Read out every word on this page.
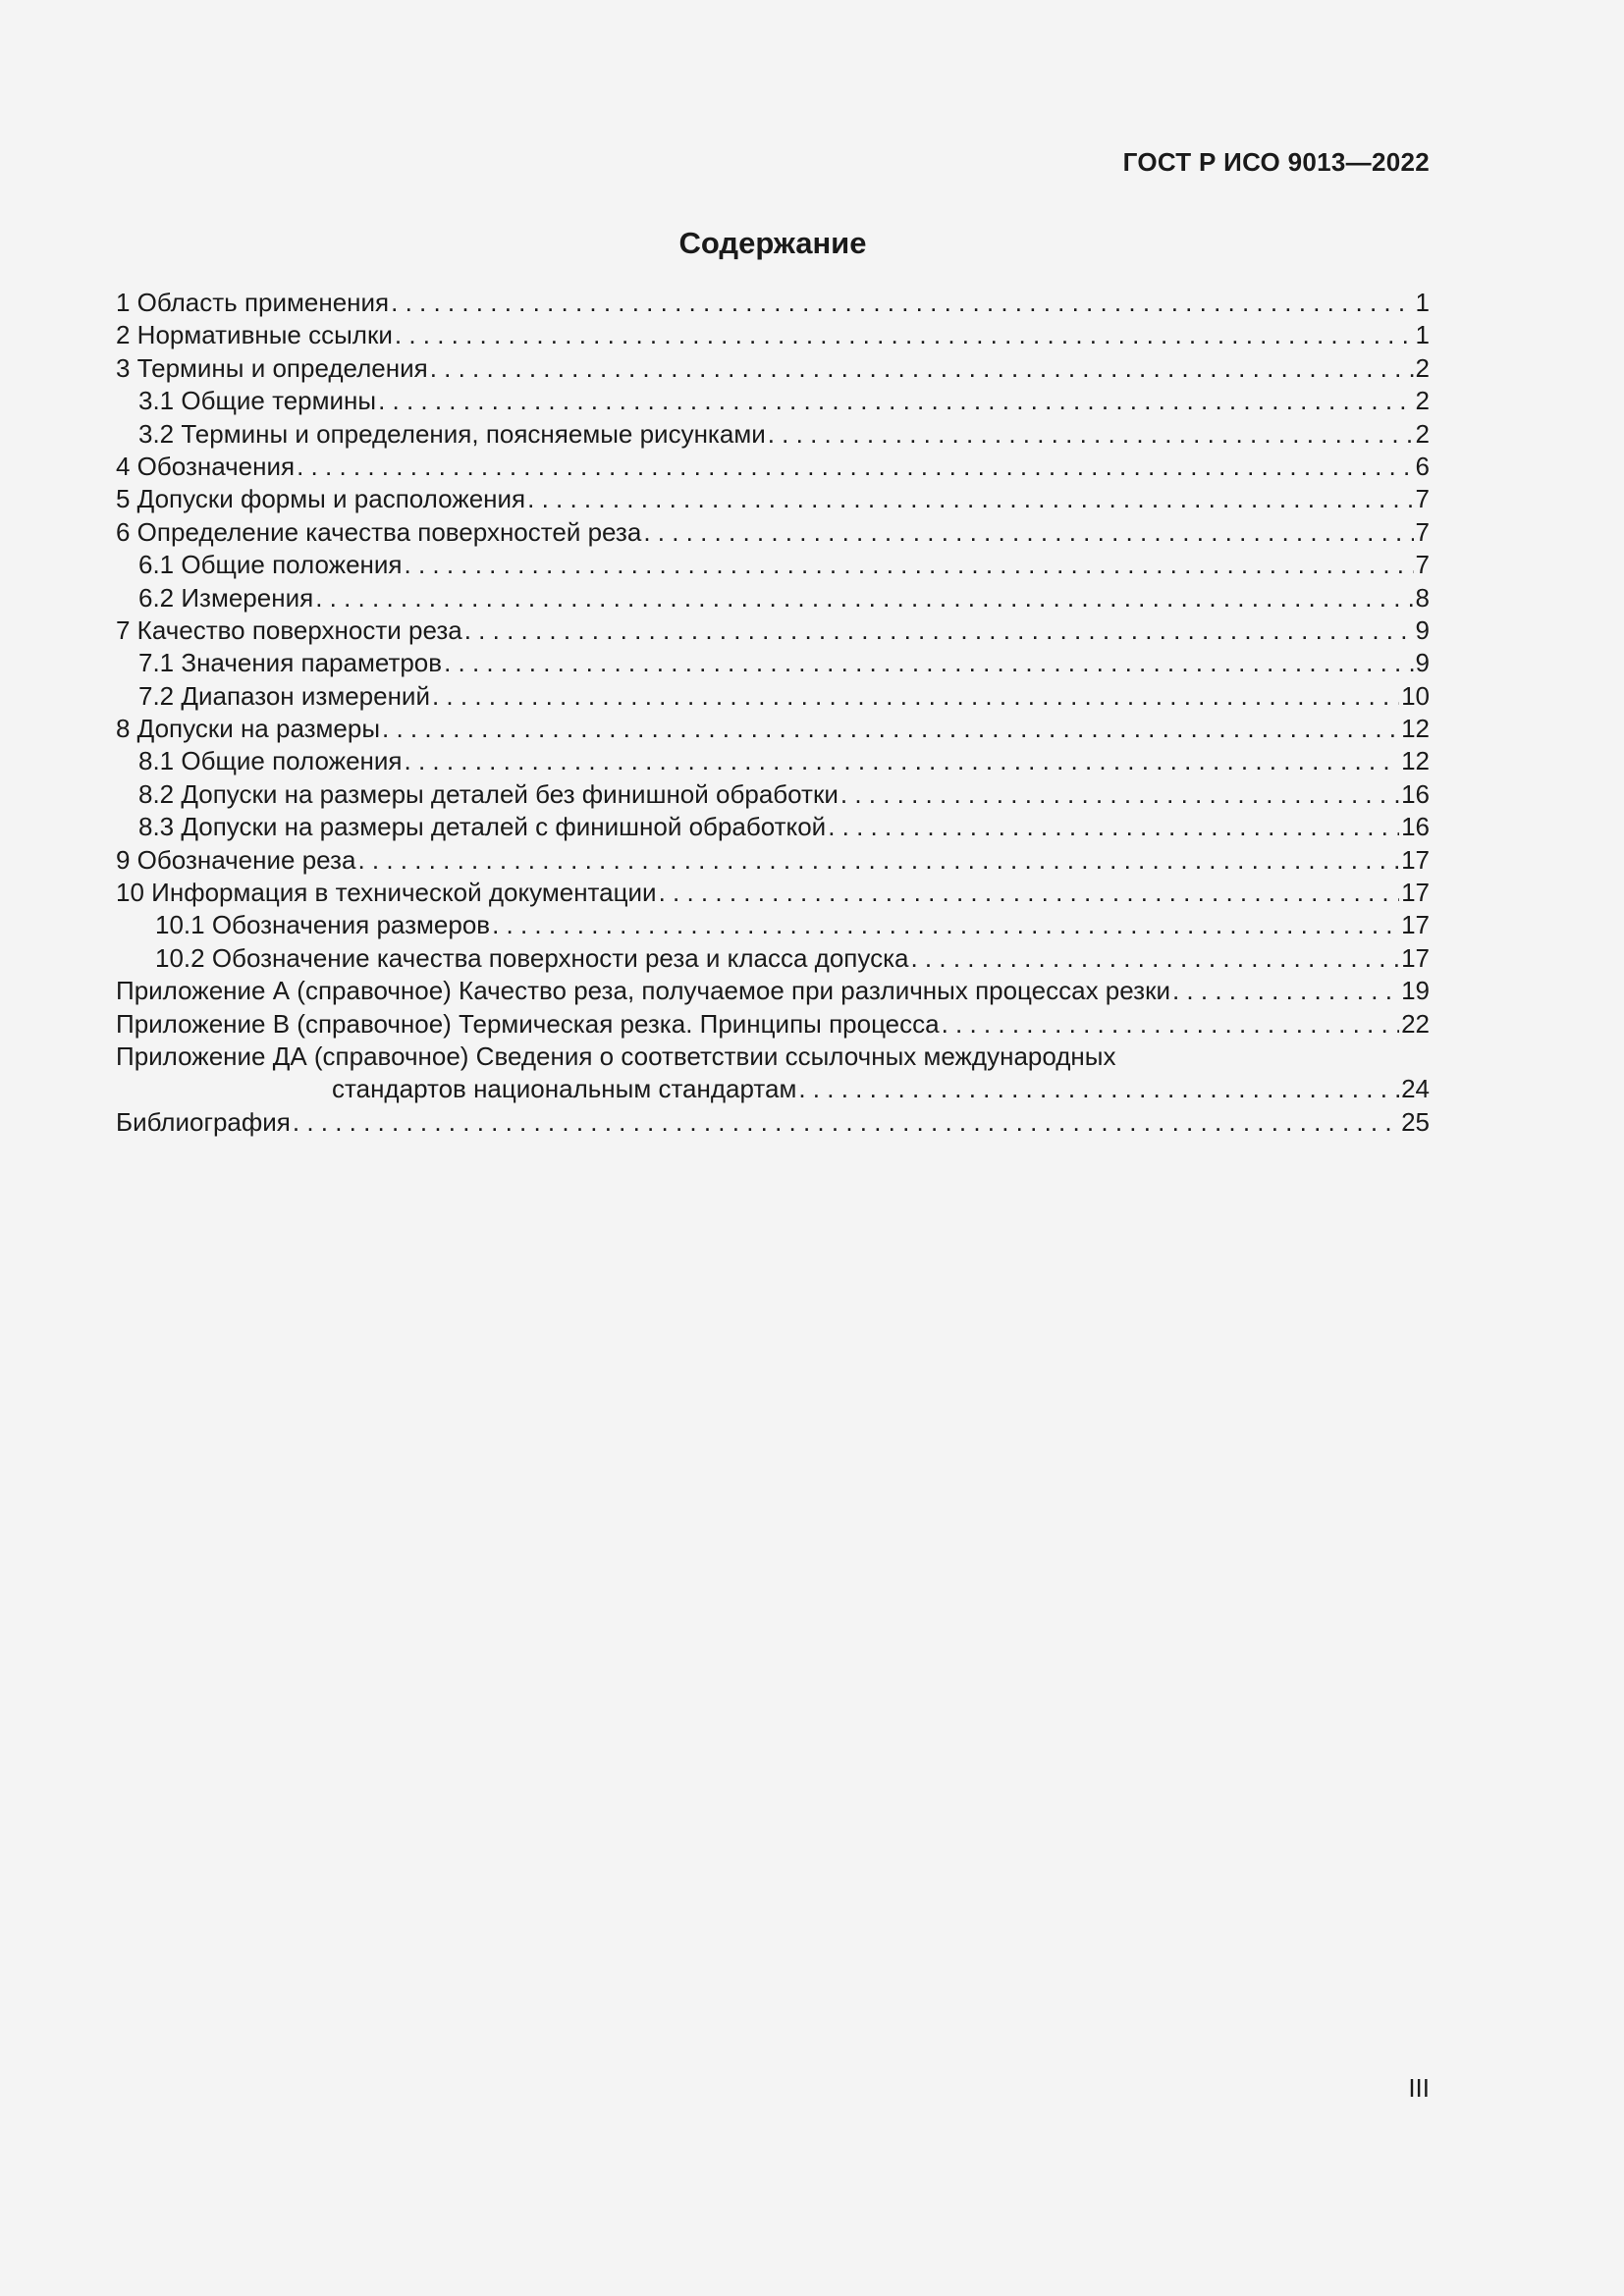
ГОСТ Р ИСО 9013—2022
Содержание
1 Область применения . . .	1
2 Нормативные ссылки . . .	1
3 Термины и определения . . .	2
3.1 Общие термины . . .	2
3.2 Термины и определения, поясняемые рисунками . . .	2
4 Обозначения . . .	6
5 Допуски формы и расположения . . .	7
6 Определение качества поверхностей реза . . .	7
6.1 Общие положения . . .	7
6.2 Измерения . . .	8
7 Качество поверхности реза . . .	9
7.1 Значения параметров . . .	9
7.2 Диапазон измерений . . .	10
8 Допуски на размеры . . .	12
8.1 Общие положения . . .	12
8.2 Допуски на размеры деталей без финишной обработки . . .	16
8.3 Допуски на размеры деталей с финишной обработкой . . .	16
9 Обозначение реза . . .	17
10 Информация в технической документации . . .	17
10.1 Обозначения размеров . . .	17
10.2 Обозначение качества поверхности реза и класса допуска . . .	17
Приложение А (справочное) Качество реза, получаемое при различных процессах резки . . .	19
Приложение В (справочное) Термическая резка. Принципы процесса . . .	22
Приложение ДА (справочное) Сведения о соответствии ссылочных международных
стандартов национальным стандартам . . .	24
Библиография . . .	25
III
